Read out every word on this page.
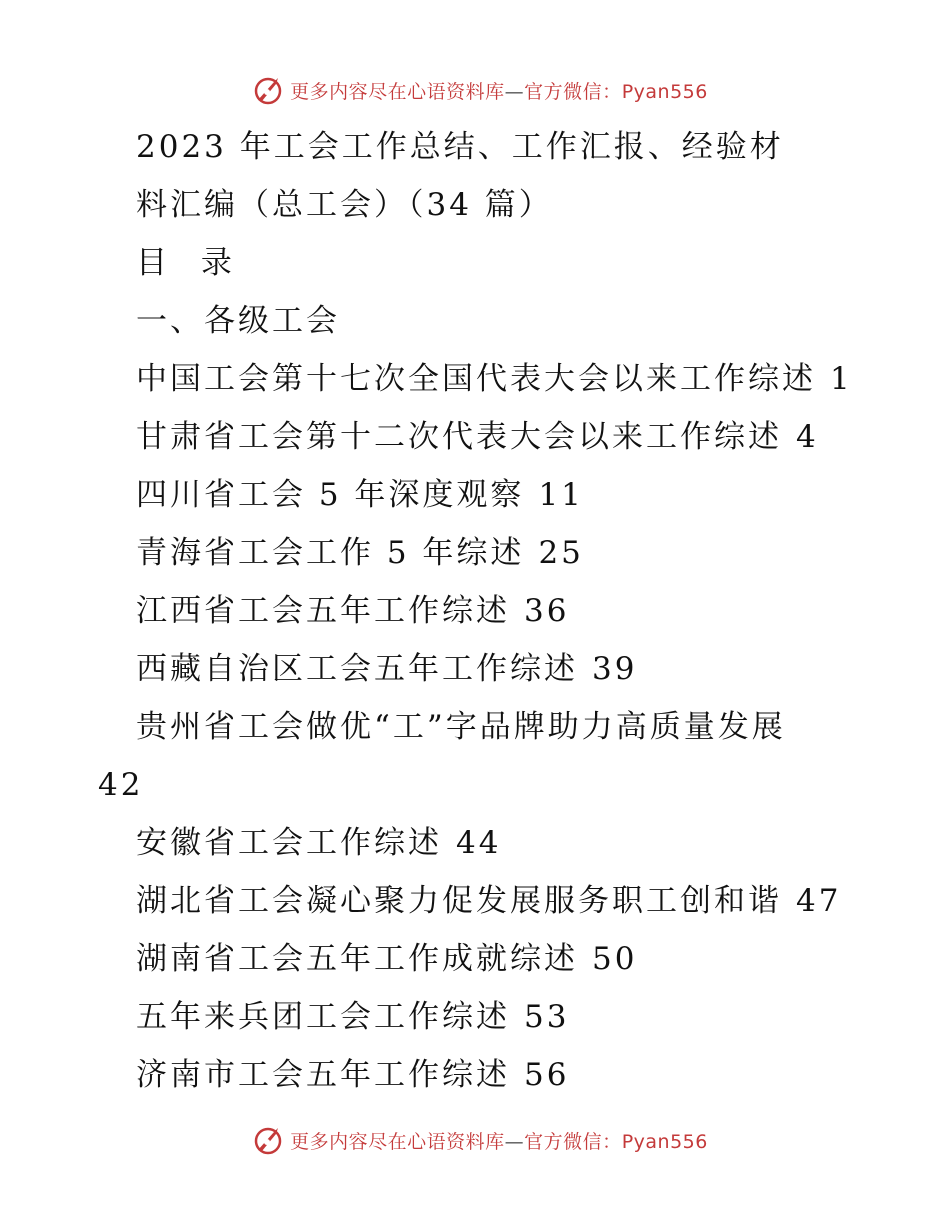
更多内容尽在心语资料库—官方微信：Pyan556
2023 年工会工作总结、工作汇报、经验材
料汇编（总工会）（34 篇）
目 录
一、各级工会
中国工会第十七次全国代表大会以来工作综述 1
甘肃省工会第十二次代表大会以来工作综述 4
四川省工会 5 年深度观察 11
青海省工会工作 5 年综述 25
江西省工会五年工作综述 36
西藏自治区工会五年工作综述 39
贵州省工会做优“工”字品牌助力高质量发展
42
安徽省工会工作综述 44
湖北省工会凝心聚力促发展服务职工创和谐 47
湖南省工会五年工作成就综述 50
五年来兵团工会工作综述 53
济南市工会五年工作综述 56
更多内容尽在心语资料库—官方微信：Pyan556
